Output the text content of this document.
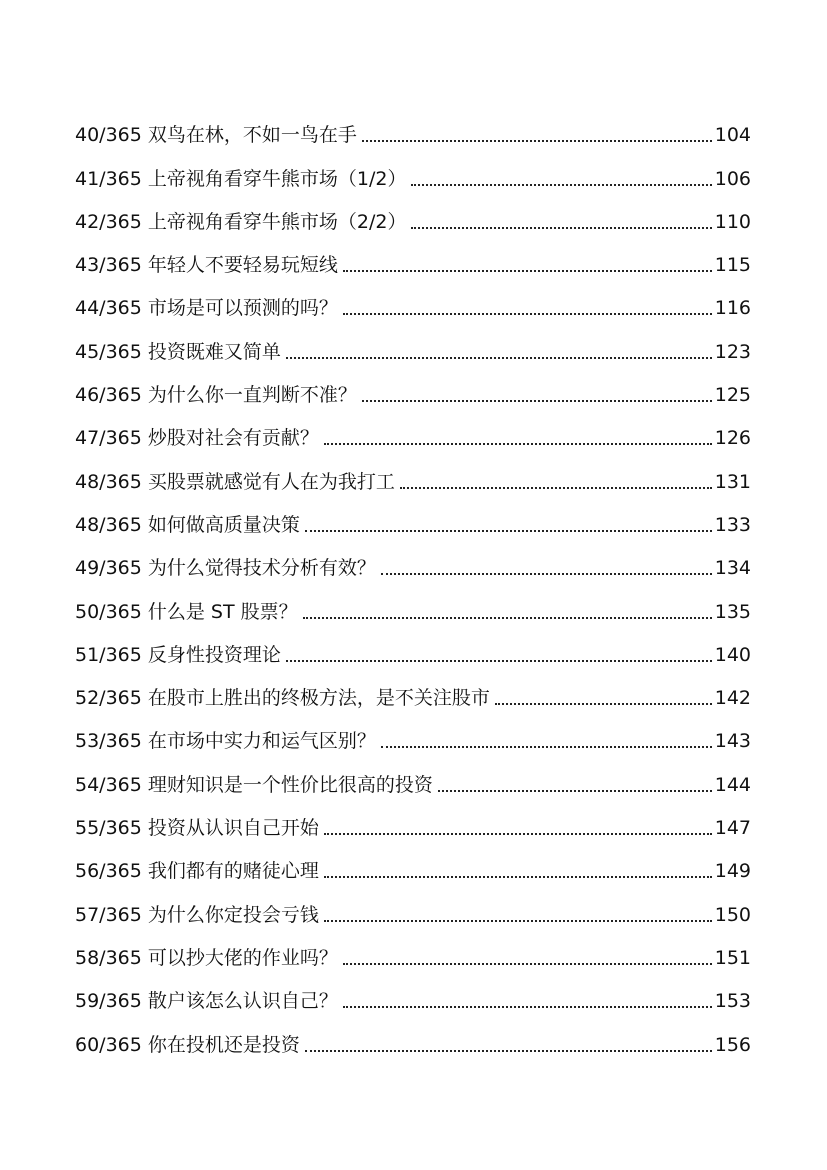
40/365 双鸟在林，不如一鸟在手	104
41/365 上帝视角看穿牛熊市场（1/2）	106
42/365 上帝视角看穿牛熊市场（2/2）	110
43/365 年轻人不要轻易玩短线	115
44/365 市场是可以预测的吗？	116
45/365 投资既难又简单	123
46/365 为什么你一直判断不准？	125
47/365 炒股对社会有贡献？	126
48/365 买股票就感觉有人在为我打工	131
48/365 如何做高质量决策	133
49/365 为什么觉得技术分析有效？	134
50/365 什么是 ST 股票？	135
51/365 反身性投资理论	140
52/365 在股市上胜出的终极方法，是不关注股市	142
53/365 在市场中实力和运气区别？	143
54/365 理财知识是一个性价比很高的投资	144
55/365 投资从认识自己开始	147
56/365 我们都有的赌徒心理	149
57/365 为什么你定投会亏钱	150
58/365 可以抄大佬的作业吗？	151
59/365 散户该怎么认识自己？	153
60/365 你在投机还是投资	156
